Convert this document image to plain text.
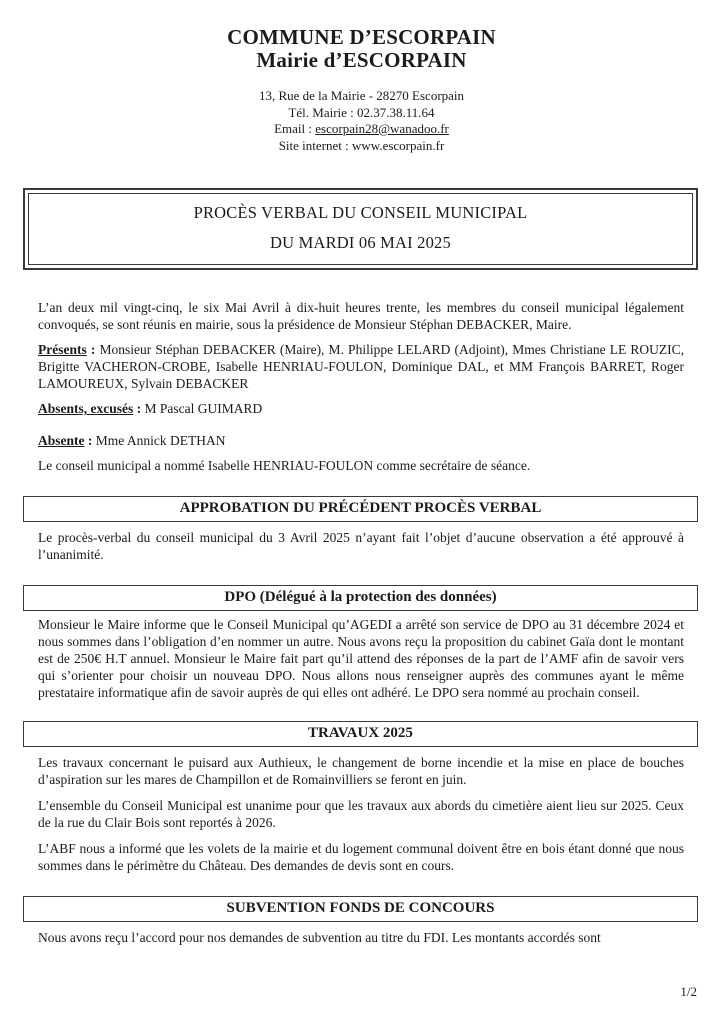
COMMUNE D’ESCORPAIN
Mairie d’ESCORPAIN
13, Rue de la Mairie - 28270 Escorpain
Tél. Mairie : 02.37.38.11.64
Email : escorpain28@wanadoo.fr
Site internet : www.escorpain.fr
PROCÈS VERBAL DU CONSEIL MUNICIPAL
DU MARDI 06 MAI 2025

L’an deux mil vingt-cinq, le six Mai Avril à dix-huit heures trente, les membres du conseil municipal légalement convoqués, se sont réunis en mairie, sous la présidence de Monsieur Stéphan DEBACKER, Maire.

Présents : Monsieur Stéphan DEBACKER (Maire), M. Philippe LELARD (Adjoint), Mmes Christiane LE ROUZIC, Brigitte VACHERON-CROBE, Isabelle HENRIAU-FOULON, Dominique DAL, et MM François BARRET, Roger LAMOUREUX, Sylvain DEBACKER

Absents, excusés : M Pascal GUIMARD

Absente : Mme Annick DETHAN

Le conseil municipal a nommé Isabelle HENRIAU-FOULON comme secrétaire de séance.

APPROBATION DU PRÉCÉDENT PROCÈS VERBAL

Le procès-verbal du conseil municipal du 3 Avril 2025 n’ayant fait l’objet d’aucune observation a été approuvé à l’unanimité.

DPO (Délégué à la protection des données)

Monsieur le Maire informe que le Conseil Municipal qu’AGEDI a arrêté son service de DPO au 31 décembre 2024 et nous sommes dans l’obligation d’en nommer un autre. Nous avons reçu la proposition du cabinet Gaïa dont le montant est de 250€ H.T annuel. Monsieur le Maire fait part qu’il attend des réponses de la part de l’AMF afin de savoir vers qui s’orienter pour choisir un nouveau DPO. Nous allons nous renseigner auprès des communes ayant le même prestataire informatique afin de savoir auprès de qui elles ont adhéré. Le DPO sera nommé au prochain conseil.

TRAVAUX 2025

Les travaux concernant le puisard aux Authieux, le changement de borne incendie et la mise en place de bouches d’aspiration sur les mares de Champillon et de Romainvilliers se feront en juin.

L’ensemble du Conseil Municipal est unanime pour que les travaux aux abords du cimetière aient lieu sur 2025. Ceux de la rue du Clair Bois sont reportés à 2026.

L’ABF nous a informé que les volets de la mairie et du logement communal doivent être en bois étant donné que nous sommes dans le périmètre du Château. Des demandes de devis sont en cours.

SUBVENTION FONDS DE CONCOURS

Nous avons reçu l’accord pour nos demandes de subvention au titre du FDI. Les montants accordés sont

1/2
